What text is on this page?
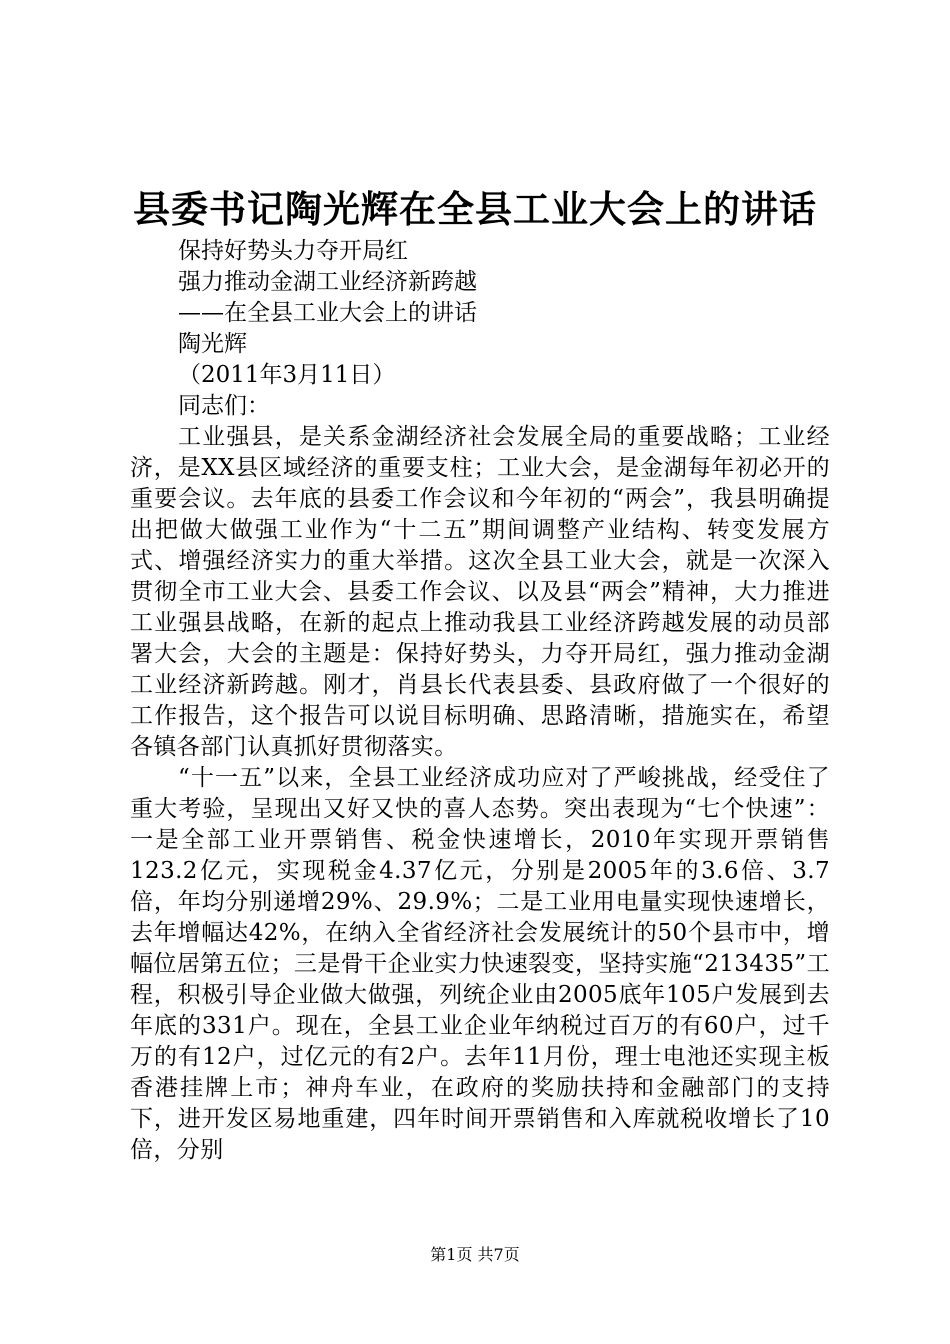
县委书记陶光辉在全县工业大会上的讲话
保持好势头力夺开局红
强力推动金湖工业经济新跨越
——在全县工业大会上的讲话
陶光辉
（2011年3月11日）
同志们：

工业强县，是关系金湖经济社会发展全局的重要战略；工业经济，是XX县区域经济的重要支柱；工业大会，是金湖每年初必开的重要会议。去年底的县委工作会议和今年初的“两会”，我县明确提出把做大做强工业作为“十二五”期间调整产业结构、转变发展方式、增强经济实力的重大举措。这次全县工业大会，就是一次深入贯彻全市工业大会、县委工作会议、以及县“两会”精神，大力推进工业强县战略，在新的起点上推动我县工业经济跨越发展的动员部署大会，大会的主题是：保持好势头，力夺开局红，强力推动金湖工业经济新跨越。刚才，肖县长代表县委、县政府做了一个很好的工作报告，这个报告可以说目标明确、思路清晰，措施实在，希望各镇各部门认真抓好贯彻落实。

“十一五”以来，全县工业经济成功应对了严峻挑战，经受住了重大考验，呈现出又好又快的喜人态势。突出表现为“七个快速”：一是全部工业开票销售、税金快速增长，2010年实现开票销售123.2亿元，实现税金4.37亿元，分别是2005年的3.6倍、3.7倍，年均分别递增29%、29.9%；二是工业用电量实现快速增长，去年增幅达42%，在纳入全省经济社会发展统计的50个县市中，增幅位居第五位；三是骨干企业实力快速裂变，坚持实施“213435”工程，积极引导企业做大做强，列统企业由2005底年105户发展到去年底的331户。现在，全县工业企业年纳税过百万的有60户，过千万的有12户，过亿元的有2户。去年11月份，理士电池还实现主板香港挂牌上市；神舟车业，在政府的奖励扶持和金融部门的支持下，进开发区易地重建，四年时间开票销售和入库就税收增长了10倍，分别

第1页 共7页
